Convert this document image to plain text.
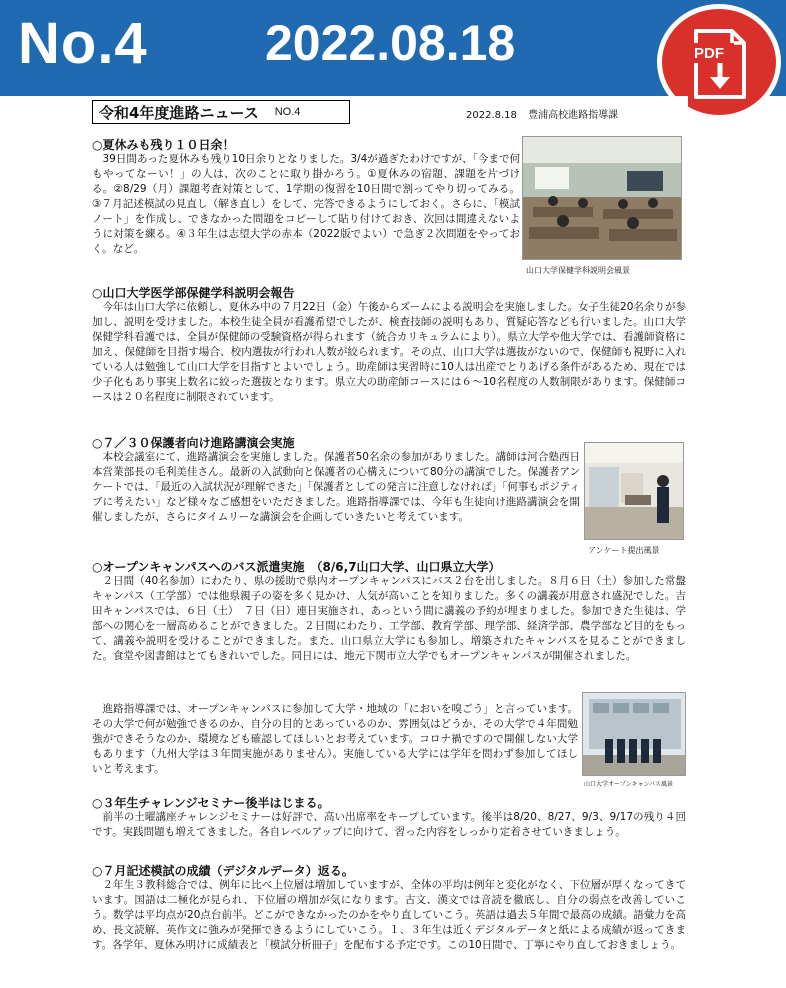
No.4 2022.08.18	PDF
令和4年度進路ニュース NO.4	2022.8.18 豊浦高校進路指導課
○夏休みも残り１０日余！
39日間あった夏休みも残り10日余りとなりました。3/4が過ぎたわけですが、「今まで何もやってなーい！」の人は、次のことに取り掛かろう。①夏休みの宿題、課題を片づける。②8/29（月）課題考査対策として、1学期の復習を10日間で割ってやり切ってみる。③７月記述模試の見直し（解き直し）をして、完答できるようにしておく。さらに、「模試ノート」を作成し、できなかった問題をコピーして貼り付けておき、次回は間違えないように対策を練る。④３年生は志望大学の赤本（2022版でよい）で急ぎ２次問題をやっておく。など。
山口大学保健学科説明会風景
○山口大学医学部保健学科説明会報告
今年は山口大学に依頼し、夏休み中の７月22日（金）午後からズームによる説明会を実施しました。女子生徒20名余りが参加し、説明を受けました。本校生徒全員が看護希望でしたが、検査技師の説明もあり、質疑応答なども行いました。山口大学保健学科看護では、全員が保健師の受験資格が得られます（統合カリキュラムにより）。県立大学や他大学では、看護師資格に加え、保健師を目指す場合、校内選抜が行われ人数が絞られます。その点、山口大学は選抜がないので、保健師も視野に入れている人は勉強して山口大学を目指すとよいでしょう。助産師は実習時に10人は出産でとりあげる条件があるため、現在では少子化もあり事実上数名に絞った選抜となります。県立大の助産師コースには６～10名程度の人数制限があります。保健師コースは２０名程度に制限されています。
○７／３０保護者向け進路講演会実施
本校会議室にて、進路講演会を実施しました。保護者50名余の参加がありました。講師は河合塾西日本営業部長の毛利美佳さん。最新の入試動向と保護者の心構えについて80分の講演でした。保護者アンケートでは、「最近の入試状況が理解できた」「保護者としての発言に注意しなければ」「何事もポジティブに考えたい」など様々なご感想をいただきました。進路指導課では、今年も生徒向け進路講演会を開催しましたが、さらにタイムリーな講演会を企画していきたいと考えています。
アンケート提出風景
○オープンキャンパスへのバス派遣実施　（8/6,7山口大学、山口県立大学）
２日間（40名参加）にわたり、県の援助で県内オープンキャンパスにバス２台を出しました。８月６日（土）参加した常盤キャンパス（工学部）では他県親子の姿を多く見かけ、人気が高いことを知りました。多くの講義が用意され盛況でした。吉田キャンパスでは、６日（土）　７日（日）連日実施され、あっという間に講義の予約が埋まりました。参加できた生徒は、学部への関心を一層高めることができました。２日間にわたり、工学部、教育学部、理学部、経済学部、農学部など目的をもって、講義や説明を受けることができました。また、山口県立大学にも参加し、増築されたキャンパスを見ることができました。食堂や図書館はとてもきれいでした。同日には、地元下関市立大学でもオープンキャンパスが開催されました。
進路指導課では、オープンキャンパスに参加して大学・地域の「においを嗅ごう」と言っています。その大学で何が勉強できるのか、自分の目的とあっているのか、雰囲気はどうか、その大学で４年間勉強ができそうなのか、環境なども確認してほしいとお考えています。コロナ禍ですので開催しない大学もあります（九州大学は３年間実施がありません）。実施している大学には学年を問わず参加してほしいと考えます。
山口大学オープンキャンパス風景
○３年生チャレンジセミナー後半はじまる。
前半の土曜講座チャレンジセミナーは好評で、高い出席率をキープしています。後半は8/20、8/27、9/3、9/17の残り４回です。実践問題も増えてきました。各自レベルアップに向けて、習った内容をしっかり定着させていきましょう。
○７月記述模試の成績（デジタルデータ）返る。
２年生３教科総合では、例年に比べ上位層は増加していますが、全体の平均は例年と変化がなく、下位層が厚くなってきています。国語は二極化が見られ、下位層の増加が気になります。古文、漢文では音読を徹底し、自分の弱点を改善していこう。数学は平均点が20点台前半。どこができなかったのかをやり直していこう。英語は過去５年間で最高の成績。語彙力を高め、長文読解、英作文に強みが発揮できるようにしていこう。１、３年生は近くデジタルデータと紙による成績が返ってきます。各学年、夏休み明けに成績表と「模試分析冊子」を配布する予定です。この10日間で、丁寧にやり直しておきましょう。
